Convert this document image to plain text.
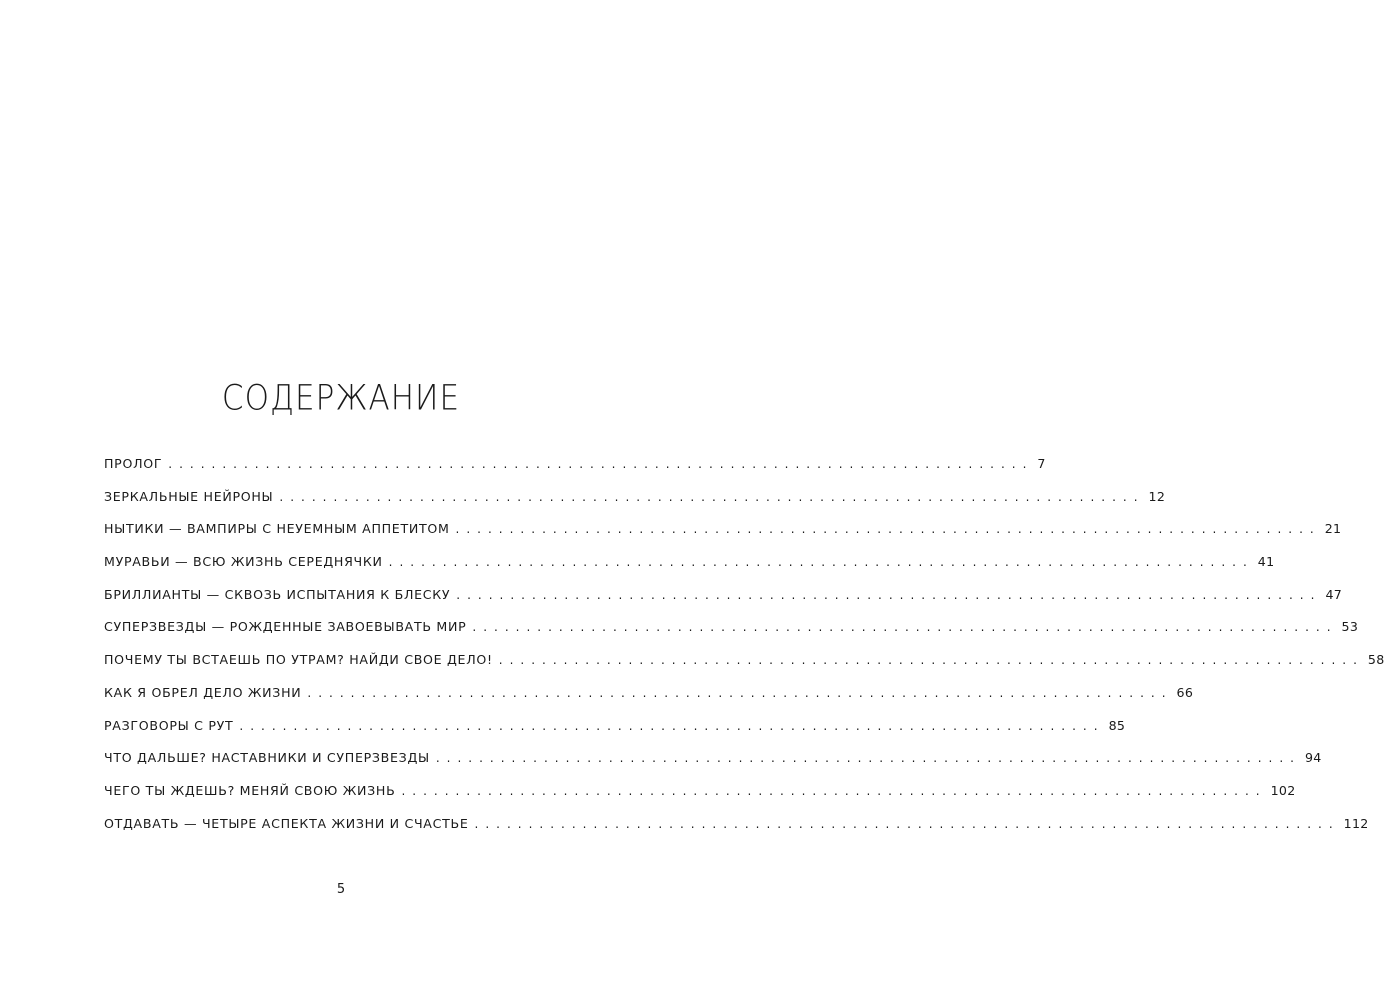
СОДЕРЖАНИЕ
ПРОЛОГ ................................................................................ 7
ЗЕРКАЛЬНЫЕ НЕЙРОНЫ ................................................................................ 12
НЫТИКИ — ВАМПИРЫ С НЕУЕМНЫМ АППЕТИТОМ ................................................................................ 21
МУРАВЬИ — ВСЮ ЖИЗНЬ СЕРЕДНЯЧКИ ................................................................................ 41
БРИЛЛИАНТЫ — СКВОЗЬ ИСПЫТАНИЯ К БЛЕСКУ ................................................................................ 47
СУПЕРЗВЕЗДЫ — РОЖДЕННЫЕ ЗАВОЕВЫВАТЬ МИР ................................................................................ 53
ПОЧЕМУ ТЫ ВСТАЕШЬ ПО УТРАМ? НАЙДИ СВОЕ ДЕЛО! ................................................................................ 58
КАК Я ОБРЕЛ ДЕЛО ЖИЗНИ ................................................................................ 66
РАЗГОВОРЫ С РУТ ................................................................................ 85
ЧТО ДАЛЬШЕ? НАСТАВНИКИ И СУПЕРЗВЕЗДЫ ................................................................................ 94
ЧЕГО ТЫ ЖДЕШЬ? МЕНЯЙ СВОЮ ЖИЗНЬ ................................................................................ 102
ОТДАВАТЬ — ЧЕТЫРЕ АСПЕКТА ЖИЗНИ И СЧАСТЬЕ ................................................................................ 112
5
